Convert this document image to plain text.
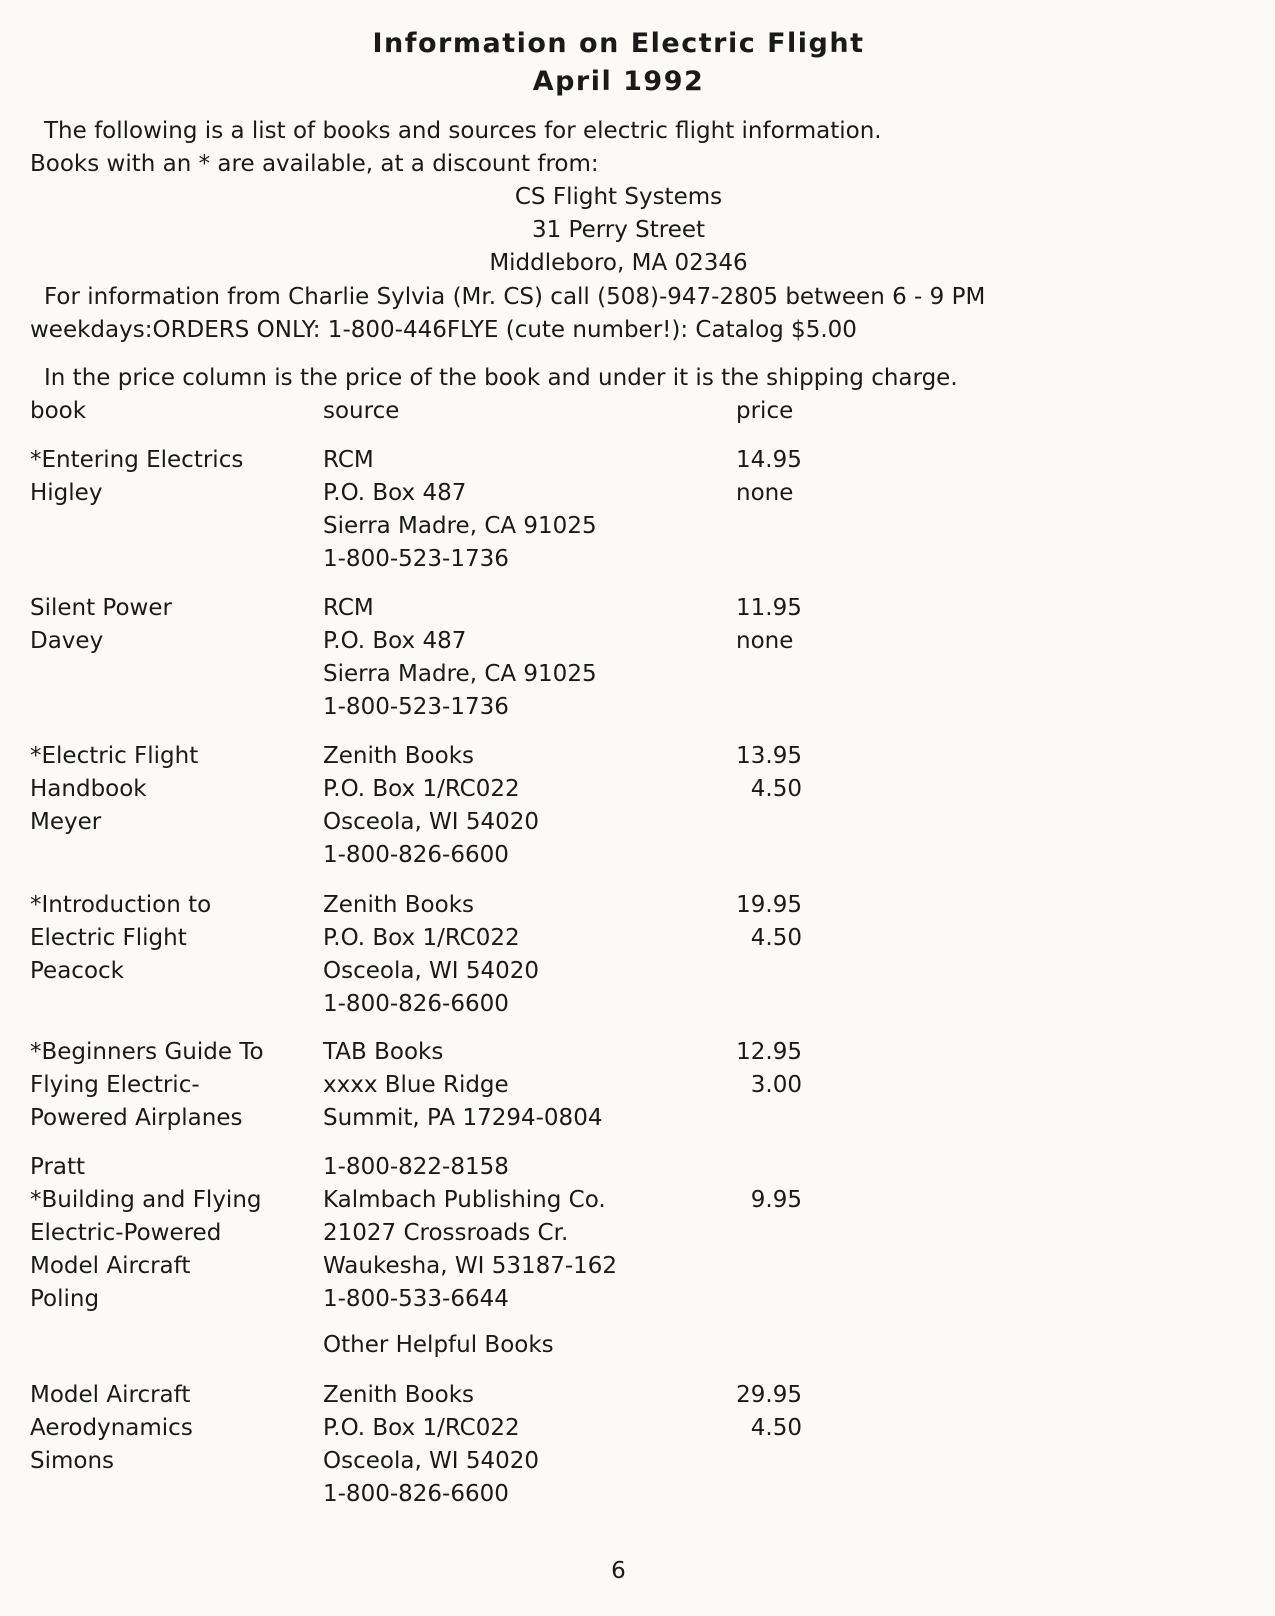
Information on Electric Flight
April 1992
The following is a list of books and sources for electric flight information.
Books with an * are available, at a discount from:
CS Flight Systems
31 Perry Street
Middleboro, MA 02346
For information from Charlie Sylvia (Mr. CS) call (508)-947-2805 between 6 - 9 PM
weekdays:ORDERS ONLY: 1-800-446FLYE (cute number!): Catalog $5.00
In the price column is the price of the book and under it is the shipping charge.
book	source	price
*Entering Electrics
Higley
RCM
P.O. Box 487
Sierra Madre, CA 91025
1-800-523-1736
14.95
none
Silent Power
Davey
RCM
P.O. Box 487
Sierra Madre, CA 91025
1-800-523-1736
11.95
none
*Electric Flight
Handbook
Meyer
Zenith Books
P.O. Box 1/RC022
Osceola, WI 54020
1-800-826-6600
13.95
4.50
*Introduction to
Electric Flight
Peacock
Zenith Books
P.O. Box 1/RC022
Osceola, WI 54020
1-800-826-6600
19.95
4.50
*Beginners Guide To
Flying Electric-
Powered Airplanes
TAB Books
xxxx Blue Ridge
Summit, PA 17294-0804
12.95
3.00
Pratt
*Building and Flying
Electric-Powered
Model Aircraft
Poling
1-800-822-8158
Kalmbach Publishing Co.
21027 Crossroads Cr.
Waukesha, WI 53187-162
1-800-533-6644
9.95
Other Helpful Books
Model Aircraft
Aerodynamics
Simons
Zenith Books
P.O. Box 1/RC022
Osceola, WI 54020
1-800-826-6600
29.95
4.50
6
